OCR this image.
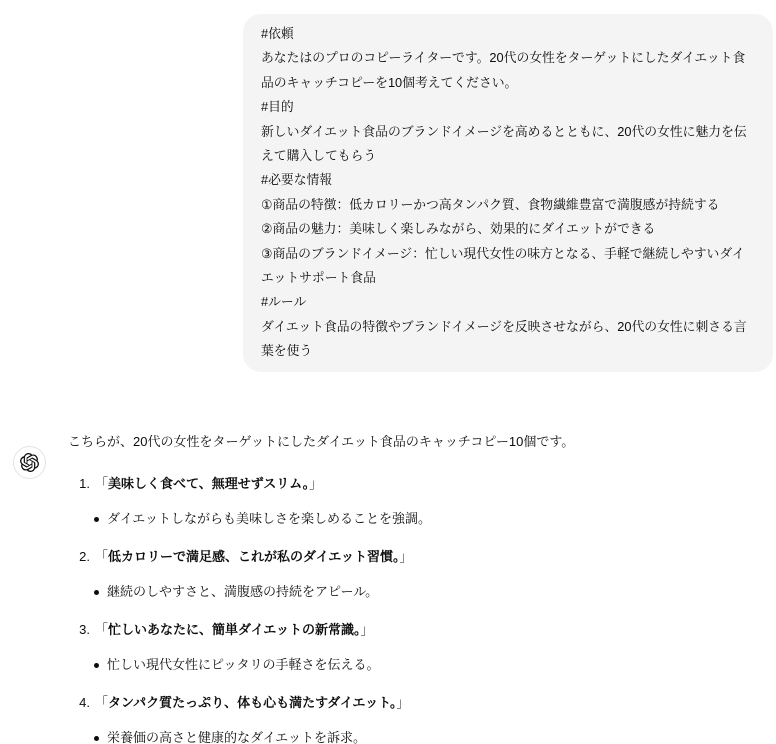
#依頼
あなたはのプロのコピーライターです。20代の女性をターゲットにしたダイエット食品のキャッチコピーを10個考えてください。
#目的
新しいダイエット食品のブランドイメージを高めるとともに、20代の女性に魅力を伝えて購入してもらう
#必要な情報
①商品の特徴：低カロリーかつ高タンパク質、食物繊維豊富で満腹感が持続する
②商品の魅力：美味しく楽しみながら、効果的にダイエットができる
③商品のブランドイメージ：忙しい現代女性の味方となる、手軽で継続しやすいダイエットサポート食品
#ルール
ダイエット食品の特徴やブランドイメージを反映させながら、20代の女性に刺さる言葉を使う
こちらが、20代の女性をターゲットにしたダイエット食品のキャッチコピー10個です。
1. 「美味しく食べて、無理せずスリム。」
ダイエットしながらも美味しさを楽しめることを強調。
2. 「低カロリーで満足感、これが私のダイエット習慣。」
継続のしやすさと、満腹感の持続をアピール。
3. 「忙しいあなたに、簡単ダイエットの新常識。」
忙しい現代女性にピッタリの手軽さを伝える。
4. 「タンパク質たっぷり、体も心も満たすダイエット。」
栄養価の高さと健康的なダイエットを訴求。
